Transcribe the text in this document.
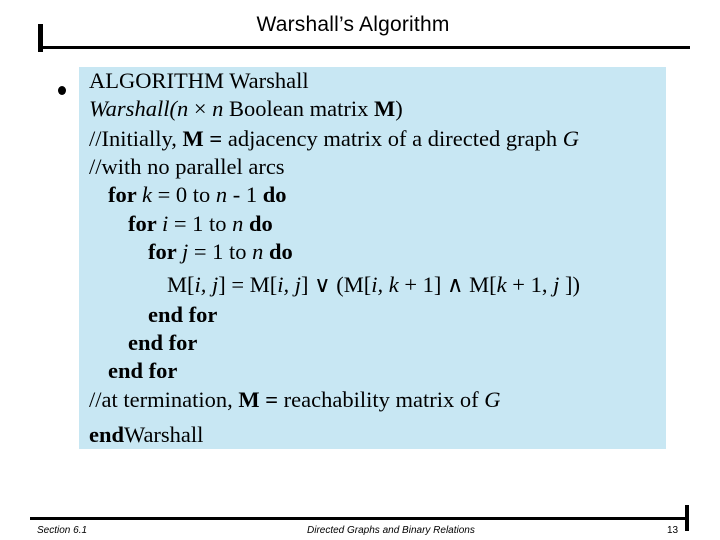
Warshall’s Algorithm
ALGORITHM Warshall
Warshall(n × n Boolean matrix M)
//Initially, M = adjacency matrix of a directed graph G
//with no parallel arcs
for k = 0 to n - 1 do
for i = 1 to n do
for j = 1 to n do
M[i, j] = M[i, j] ∨ (M[i, k + 1] ∧ M[k + 1, j ])
end for
end for
end for
//at termination, M = reachability matrix of G
endWarshall
Section 6.1	Directed Graphs and Binary Relations	13
